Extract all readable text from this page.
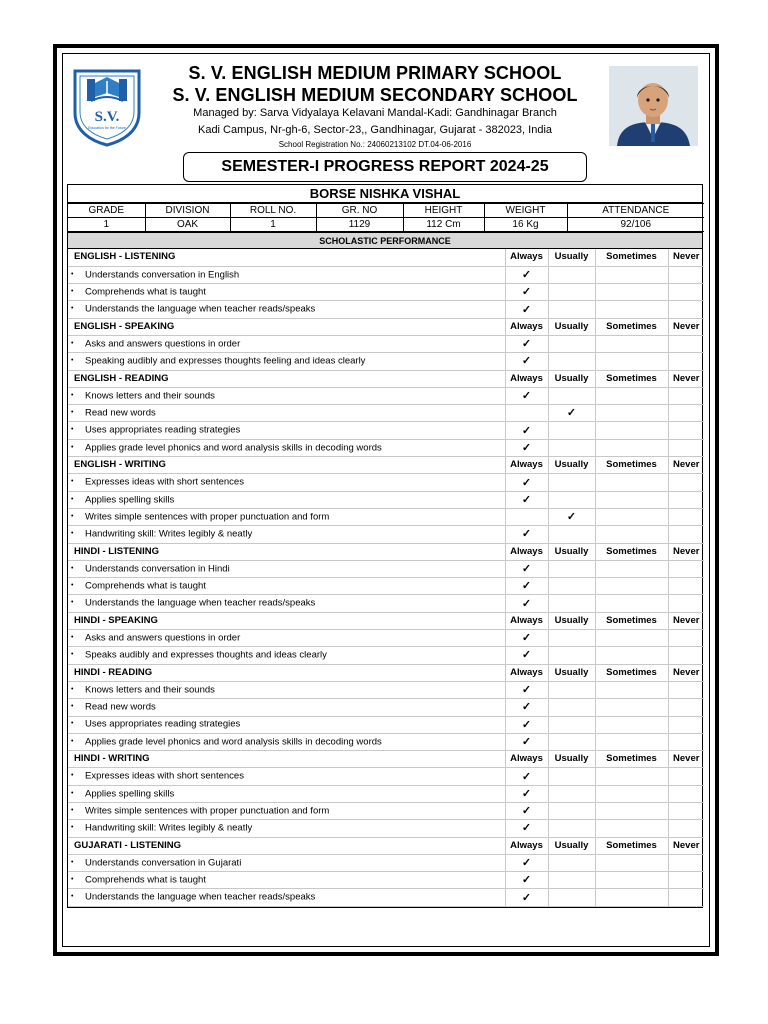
S.V.
Education for the Future
S. V. ENGLISH MEDIUM PRIMARY SCHOOL
S. V. ENGLISH MEDIUM SECONDARY SCHOOL
Managed by: Sarva Vidyalaya Kelavani Mandal-Kadi: Gandhinagar Branch
Kadi Campus, Nr-gh-6, Sector-23,, Gandhinagar, Gujarat - 382023, India
School Registration No.: 24060213102 DT.04-06-2016
SEMESTER-I PROGRESS REPORT 2024-25
BORSE NISHKA VISHAL
GRADE	DIVISION	ROLL NO.	GR. NO	HEIGHT	WEIGHT	ATTENDANCE
1	OAK	1	1129	112 Cm	16 Kg	92/106
SCHOLASTIC PERFORMANCE
ENGLISH - LISTENING	Always	Usually	Sometimes	Never
• Understands conversation in English	✓			
• Comprehends what is taught	✓			
• Understands the language when teacher reads/speaks	✓			
ENGLISH - SPEAKING	Always	Usually	Sometimes	Never
• Asks and answers questions in order	✓			
• Speaking audibly and expresses thoughts feeling and ideas clearly	✓			
ENGLISH - READING	Always	Usually	Sometimes	Never
• Knows letters and their sounds	✓			
• Read new words		✓		
• Uses appropriates reading strategies	✓			
• Applies grade level phonics and word analysis skills in decoding words	✓			
ENGLISH - WRITING	Always	Usually	Sometimes	Never
• Expresses ideas with short sentences	✓			
• Applies spelling skills	✓			
• Writes simple sentences with proper punctuation and form		✓		
• Handwriting skill: Writes legibly & neatly	✓			
HINDI - LISTENING	Always	Usually	Sometimes	Never
• Understands conversation in Hindi	✓			
• Comprehends what is taught	✓			
• Understands the language when teacher reads/speaks	✓			
HINDI - SPEAKING	Always	Usually	Sometimes	Never
• Asks and answers questions in order	✓			
• Speaks audibly and expresses thoughts and ideas clearly	✓			
HINDI - READING	Always	Usually	Sometimes	Never
• Knows letters and their sounds	✓			
• Read new words	✓			
• Uses appropriates reading strategies	✓			
• Applies grade level phonics and word analysis skills in decoding words	✓			
HINDI - WRITING	Always	Usually	Sometimes	Never
• Expresses ideas with short sentences	✓			
• Applies spelling skills	✓			
• Writes simple sentences with proper punctuation and form	✓			
• Handwriting skill: Writes legibly & neatly	✓			
GUJARATI - LISTENING	Always	Usually	Sometimes	Never
• Understands conversation in Gujarati	✓			
• Comprehends what is taught	✓			
• Understands the language when teacher reads/speaks	✓			
